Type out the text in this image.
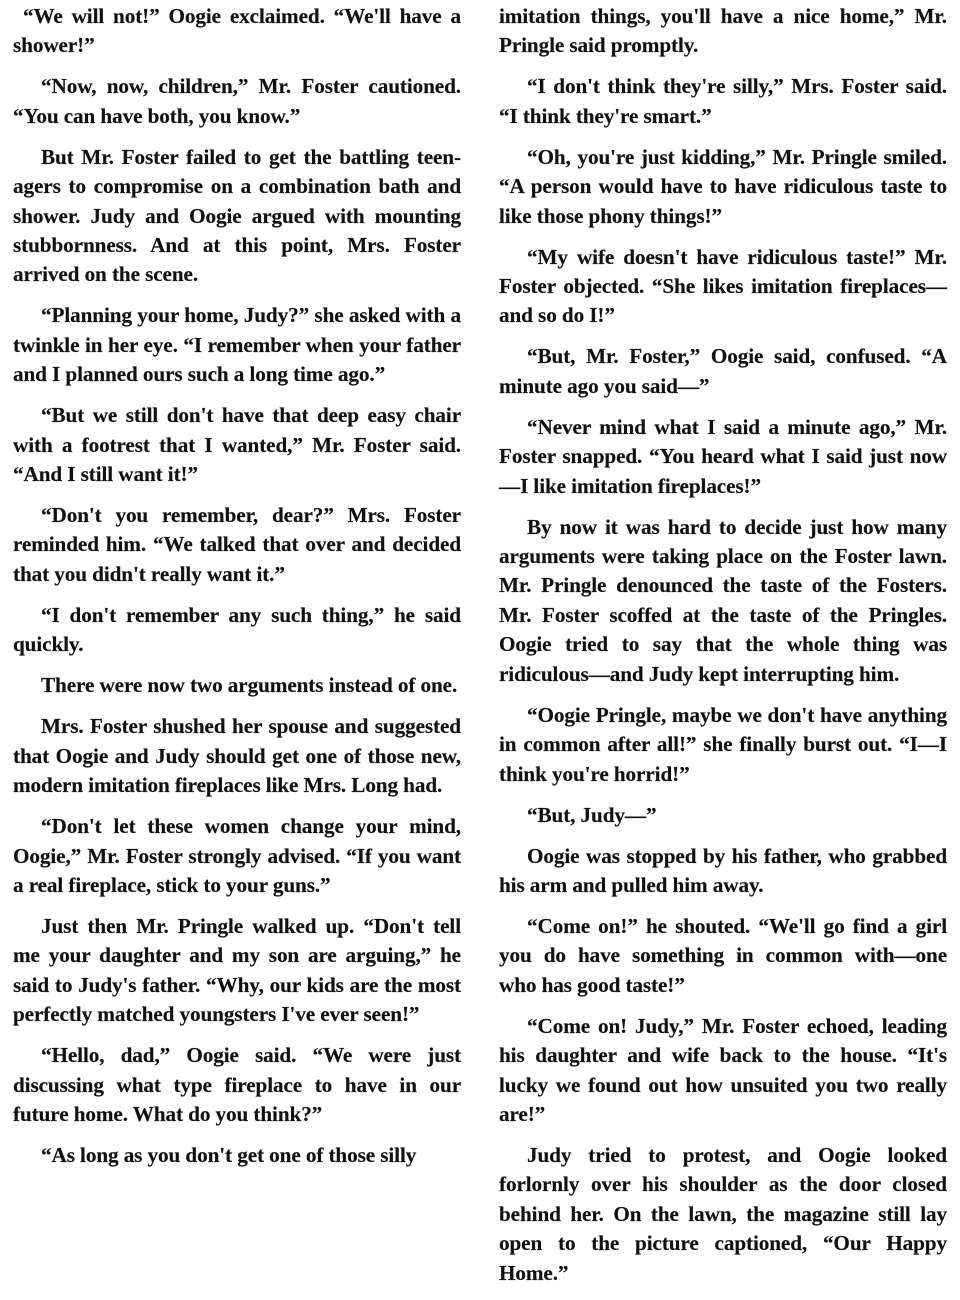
“We will not!” Oogie exclaimed. “We'll have a shower!”

“Now, now, children,” Mr. Foster cautioned. “You can have both, you know.”

But Mr. Foster failed to get the battling teen-agers to compromise on a combination bath and shower. Judy and Oogie argued with mounting stubbornness. And at this point, Mrs. Foster arrived on the scene.

“Planning your home, Judy?” she asked with a twinkle in her eye. “I remember when your father and I planned ours such a long time ago.”

“But we still don't have that deep easy chair with a footrest that I wanted,” Mr. Foster said. “And I still want it!”

“Don't you remember, dear?” Mrs. Foster reminded him. “We talked that over and decided that you didn't really want it.”

“I don't remember any such thing,” he said quickly.

There were now two arguments instead of one.

Mrs. Foster shushed her spouse and suggested that Oogie and Judy should get one of those new, modern imitation fireplaces like Mrs. Long had.

“Don't let these women change your mind, Oogie,” Mr. Foster strongly advised. “If you want a real fireplace, stick to your guns.”

Just then Mr. Pringle walked up. “Don't tell me your daughter and my son are arguing,” he said to Judy's father. “Why, our kids are the most perfectly matched youngsters I've ever seen!”

“Hello, dad,” Oogie said. “We were just discussing what type fireplace to have in our future home. What do you think?”

“As long as you don't get one of those silly

imitation things, you'll have a nice home,” Mr. Pringle said promptly.

“I don't think they're silly,” Mrs. Foster said. “I think they're smart.”

“Oh, you're just kidding,” Mr. Pringle smiled. “A person would have to have ridiculous taste to like those phony things!”

“My wife doesn't have ridiculous taste!” Mr. Foster objected. “She likes imitation fireplaces—and so do I!”

“But, Mr. Foster,” Oogie said, confused. “A minute ago you said—”

“Never mind what I said a minute ago,” Mr. Foster snapped. “You heard what I said just now—I like imitation fireplaces!”

By now it was hard to decide just how many arguments were taking place on the Foster lawn. Mr. Pringle denounced the taste of the Fosters. Mr. Foster scoffed at the taste of the Pringles. Oogie tried to say that the whole thing was ridiculous—and Judy kept interrupting him.

“Oogie Pringle, maybe we don't have anything in common after all!” she finally burst out. “I—I think you're horrid!”

“But, Judy—”

Oogie was stopped by his father, who grabbed his arm and pulled him away.

“Come on!” he shouted. “We'll go find a girl you do have something in common with—one who has good taste!”

“Come on! Judy,” Mr. Foster echoed, leading his daughter and wife back to the house. “It's lucky we found out how unsuited you two really are!”

Judy tried to protest, and Oogie looked forlornly over his shoulder as the door closed behind her. On the lawn, the magazine still lay open to the picture captioned, “Our Happy Home.”
